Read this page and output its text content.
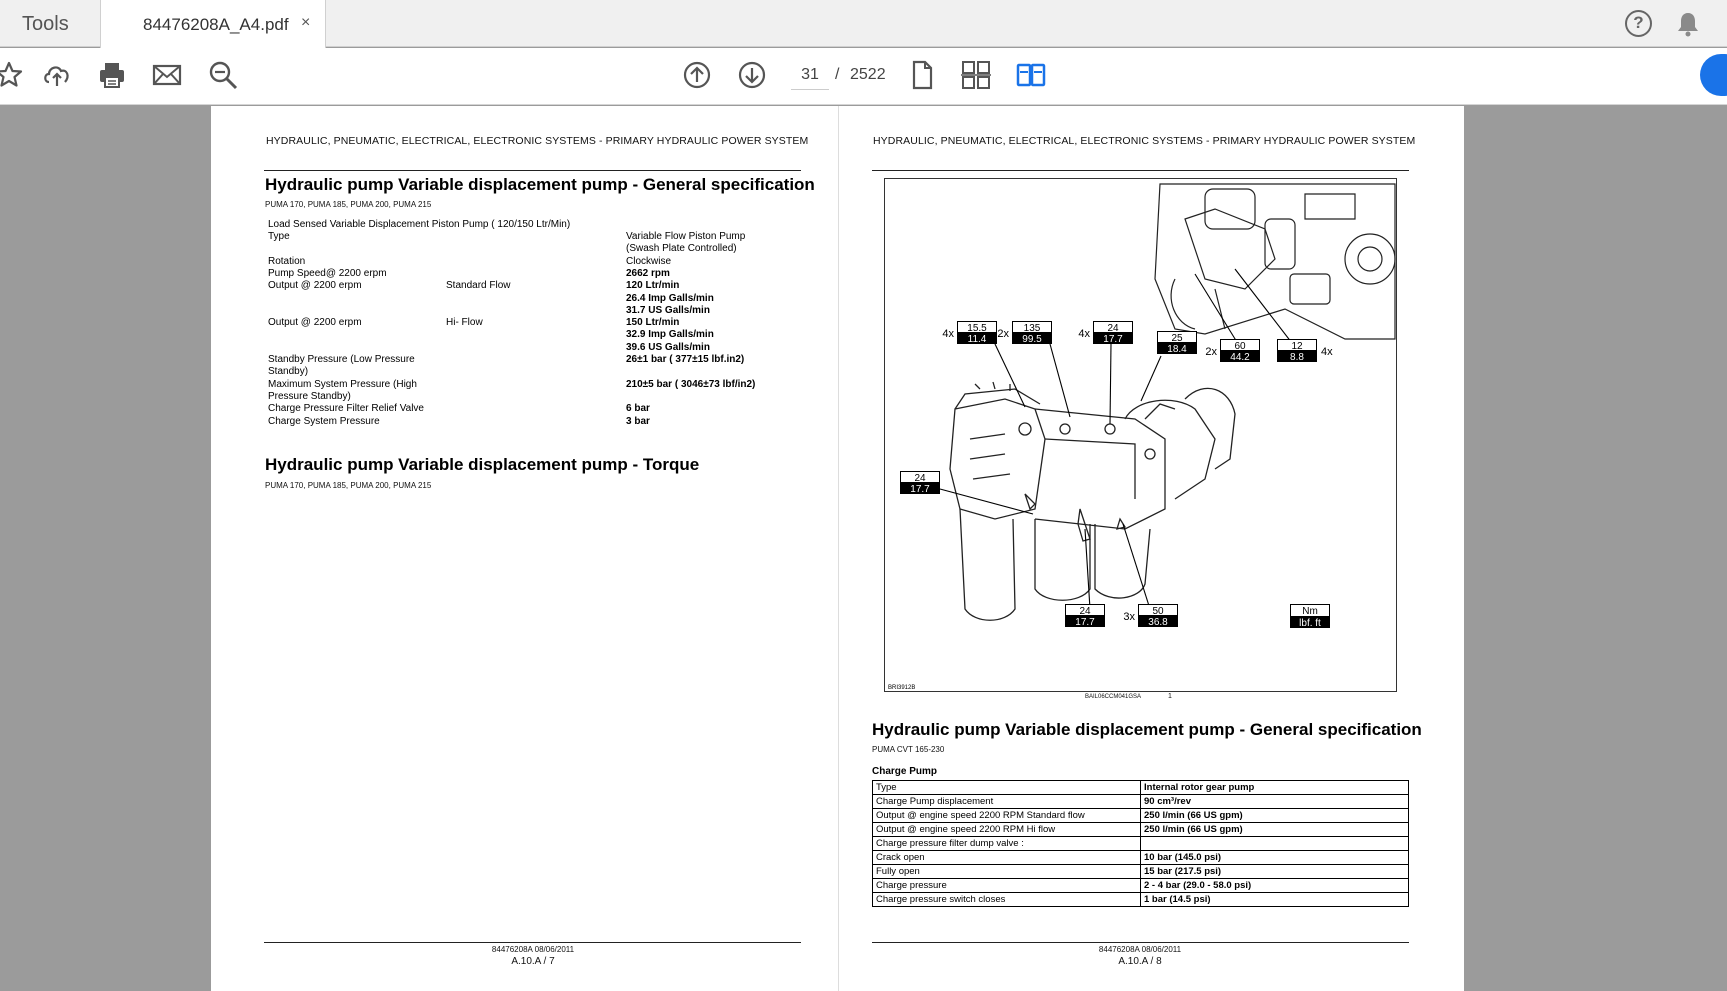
Tools	84476208A_A4.pdf ×	?
31	/ 2522
HYDRAULIC, PNEUMATIC, ELECTRICAL, ELECTRONIC SYSTEMS - PRIMARY HYDRAULIC POWER SYSTEM
Hydraulic pump Variable displacement pump - General specification
PUMA 170, PUMA 185, PUMA 200, PUMA 215
Load Sensed Variable Displacement Piston Pump ( 120/150 Ltr/Min)
Type	Variable Flow Piston Pump
(Swash Plate Controlled)
Rotation	Clockwise
Pump Speed@ 2200 erpm	2662 rpm
Output @ 2200 erpm	Standard Flow	120 Ltr/min
26.4 Imp Galls/min
31.7 US Galls/min
Output @ 2200 erpm	Hi- Flow	150 Ltr/min
32.9 Imp Galls/min
39.6 US Galls/min
Standby Pressure (Low Pressure
Standby)
26±1 bar ( 377±15 lbf.in2)
Maximum System Pressure (High
Pressure Standby)
210±5 bar ( 3046±73 lbf/in2)
Charge Pressure Filter Relief Valve	6 bar
Charge System Pressure	3 bar
Hydraulic pump Variable displacement pump - Torque
PUMA 170, PUMA 185, PUMA 200, PUMA 215
84476208A 08/06/2011
A.10.A / 7
HYDRAULIC, PNEUMATIC, ELECTRICAL, ELECTRONIC SYSTEMS - PRIMARY HYDRAULIC POWER SYSTEM
15.5
11.4
4x	135
99.5
2x	24
17.7
4x	25
18.4	60
44.2
2x	12
8.8 4x
24
17.7
24
17.7
50
36.8
3x	Nm
lbf. ft
BRI3912B
BAIL06CCM041GSA	1
Hydraulic pump Variable displacement pump - General specification
PUMA CVT 165-230
Charge Pump
Type	Internal rotor gear pump
Charge Pump displacement	90 cm³/rev
Output @ engine speed 2200 RPM Standard flow	250 l/min (66 US gpm)
Output @ engine speed 2200 RPM Hi flow	250 l/min (66 US gpm)
Charge pressure filter dump valve :	
Crack open	10 bar (145.0 psi)
Fully open	15 bar (217.5 psi)
Charge pressure	2 - 4 bar (29.0 - 58.0 psi)
Charge pressure switch closes	1 bar (14.5 psi)
84476208A 08/06/2011
A.10.A / 8
